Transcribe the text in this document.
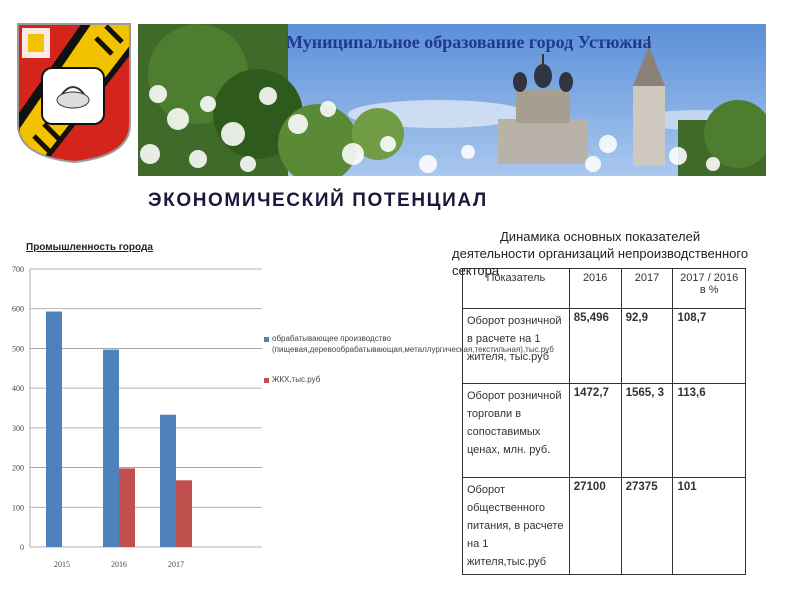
Муниципальное образование город Устюжна
ЭКОНОМИЧЕСКИЙ ПОТЕНЦИАЛ
0
100
200
300
400
500
600
700
2015	2016	2017
Промышленность города
обрабатывающее производство (пищевая,деревообрабатывающая,металлургическая,текстильная),тыс.руб
ЖКХ,тыс.руб

Динамика основных показателей деятельности организаций непроизводственного сектора

Показатель	2016	2017	2017 / 2016 в %
Оборот розничной в расчете на 1 жителя, тыс.руб	85,496	92,9	108,7
Оборот розничной торговли в сопоставимых ценах, млн. руб.	1472,7	1565, 3	113,6
Оборот общественного питания, в расчете на 1 жителя,тыс.руб	27100	27375	101
